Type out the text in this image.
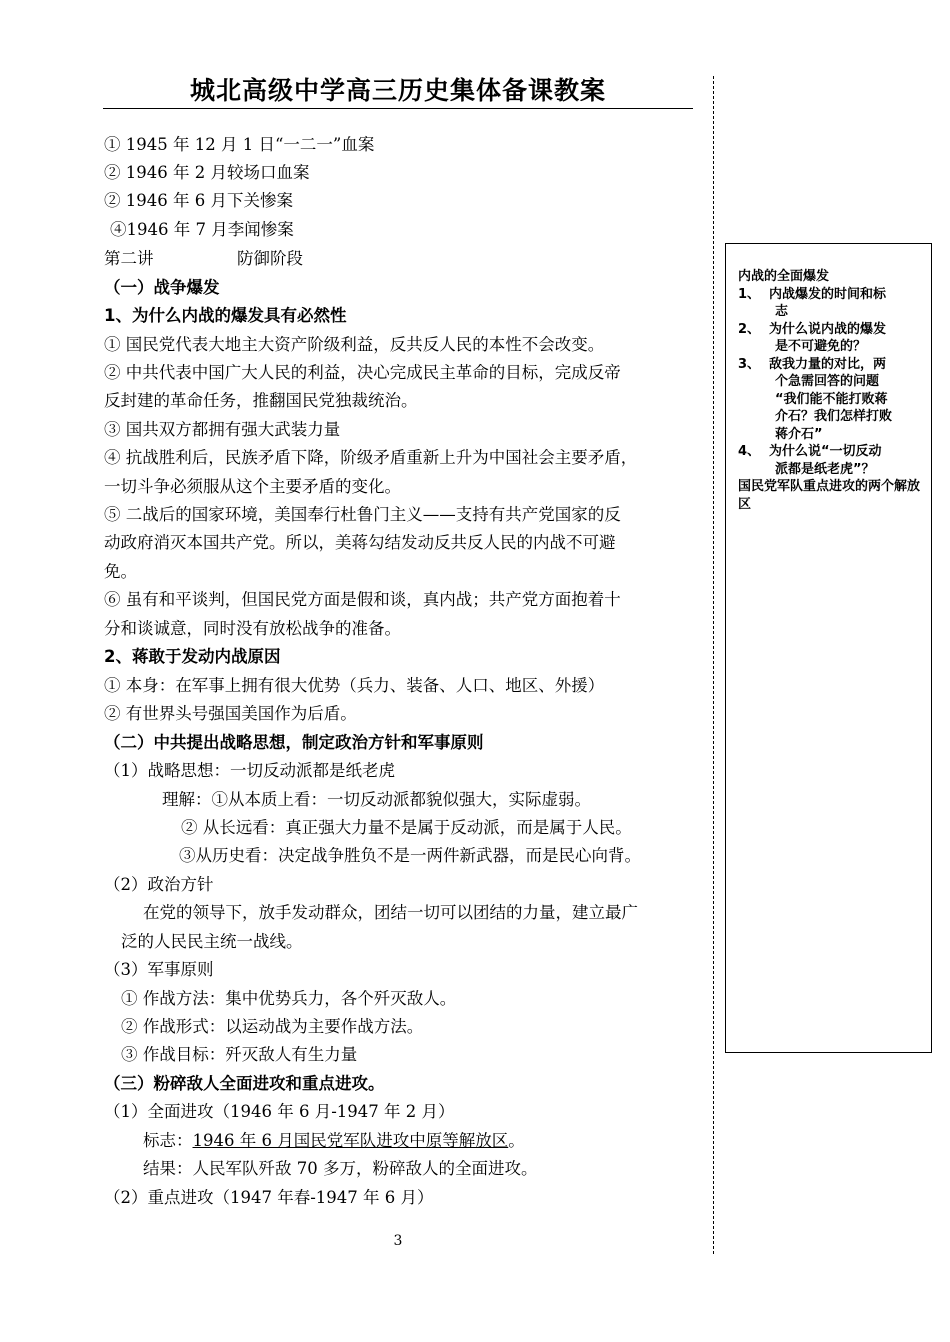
城北高级中学高三历史集体备课教案
① 1945 年 12 月 1 日“一二一”血案
② 1946 年 2 月较场口血案
② 1946 年 6 月下关惨案
④1946 年 7 月李闻惨案
第二讲	防御阶段
（一）战争爆发
1、为什么内战的爆发具有必然性
① 国民党代表大地主大资产阶级利益，反共反人民的本性不会改变。
② 中共代表中国广大人民的利益，决心完成民主革命的目标，完成反帝
反封建的革命任务，推翻国民党独裁统治。
③ 国共双方都拥有强大武装力量
④ 抗战胜利后，民族矛盾下降，阶级矛盾重新上升为中国社会主要矛盾，
一切斗争必须服从这个主要矛盾的变化。
⑤ 二战后的国家环境，美国奉行杜鲁门主义——支持有共产党国家的反
动政府消灭本国共产党。所以，美蒋勾结发动反共反人民的内战不可避
免。
⑥ 虽有和平谈判，但国民党方面是假和谈，真内战；共产党方面抱着十
分和谈诚意，同时没有放松战争的准备。
2、蒋敢于发动内战原因
① 本身：在军事上拥有很大优势（兵力、装备、人口、地区、外援）
② 有世界头号强国美国作为后盾。
（二）中共提出战略思想，制定政治方针和军事原则
（1）战略思想：一切反动派都是纸老虎
理解：①从本质上看：一切反动派都貌似强大，实际虚弱。
② 从长远看：真正强大力量不是属于反动派，而是属于人民。
③从历史看：决定战争胜负不是一两件新武器，而是民心向背。
（2）政治方针
在党的领导下，放手发动群众，团结一切可以团结的力量，建立最广
泛的人民民主统一战线。
（3）军事原则
① 作战方法：集中优势兵力，各个歼灭敌人。
② 作战形式：以运动战为主要作战方法。
③ 作战目标：歼灭敌人有生力量
（三）粉碎敌人全面进攻和重点进攻。
（1）全面进攻（1946 年 6 月-1947 年 2 月）
标志：1946 年 6 月国民党军队进攻中原等解放区。
结果：人民军队歼敌 70 多万，粉碎敌人的全面进攻。
（2）重点进攻（1947 年春-1947 年 6 月）
内战的全面爆发
1、 内战爆发的时间和标
志
2、 为什么说内战的爆发
是不可避免的？
3、 敌我力量的对比，两
个急需回答的问题
“我们能不能打败蒋
介石？我们怎样打败
蒋介石”
4、 为什么说“一切反动
派都是纸老虎”？
国民党军队重点进攻的两个解放区
3
